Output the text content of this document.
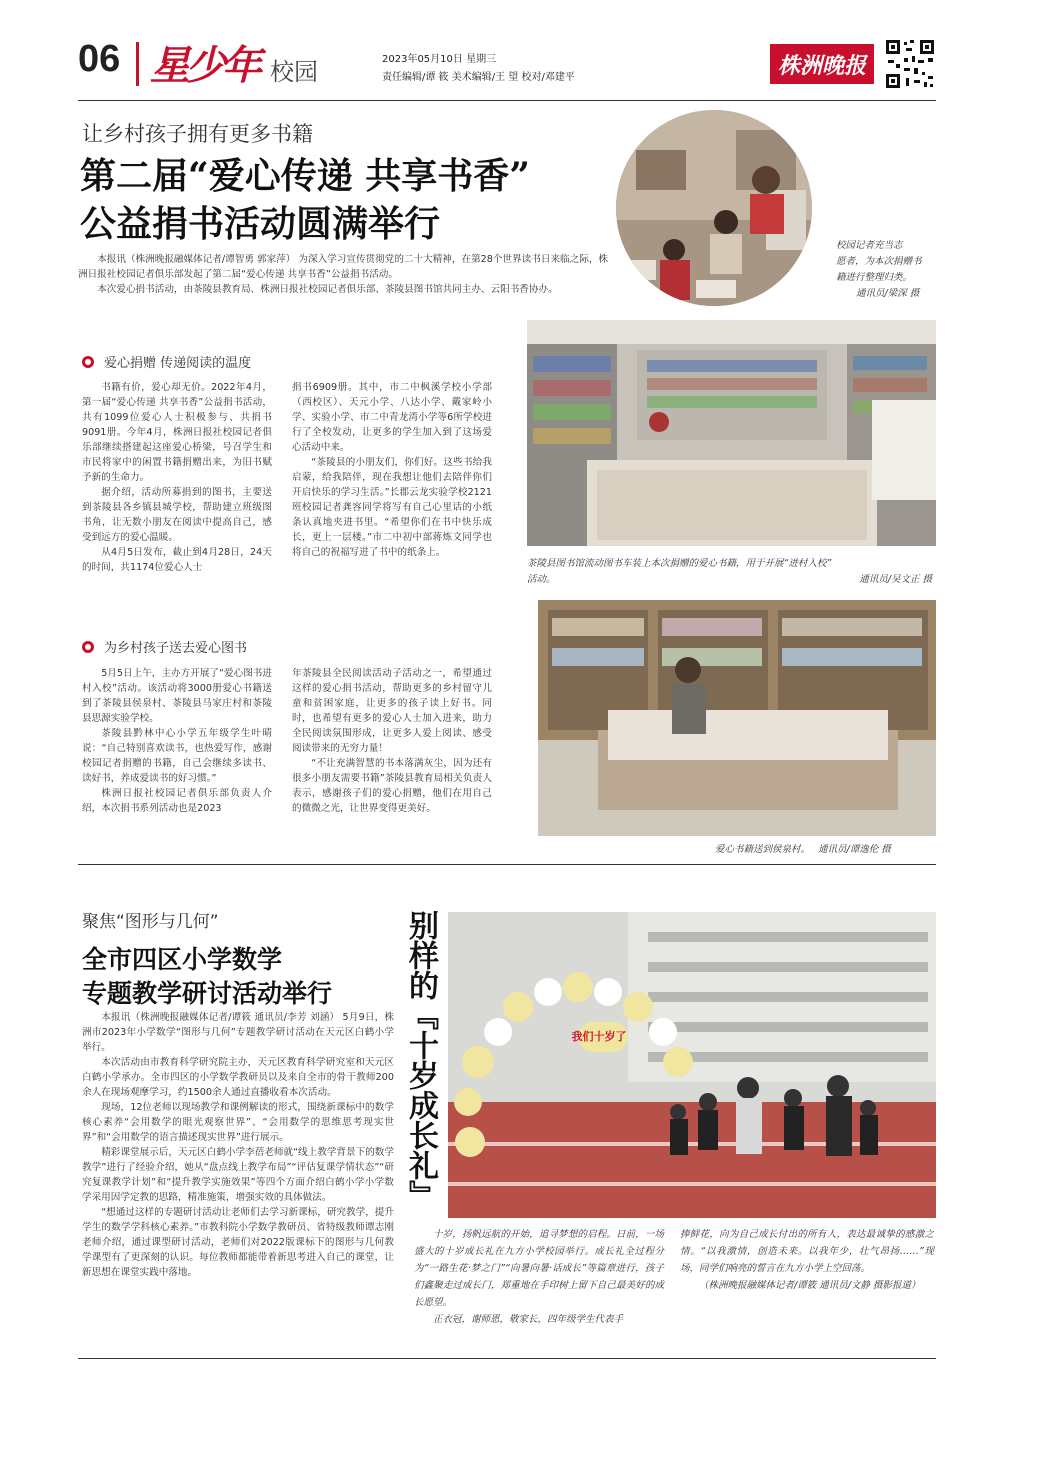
06 星少年 校园	2023年05月10日 星期三
责任编辑/谭 筱 美术编辑/王 望 校对/邓建平	株洲晚报
让乡村孩子拥有更多书籍
第二届“爱心传递 共享书香”
公益捐书活动圆满举行

本报讯（株洲晚报融媒体记者/谭智勇 郭家萍） 为深入学习宣传贯彻党的二十大精神，在第28个世界读书日来临之际，株洲日报社校园记者俱乐部发起了第二届“爱心传递 共享书香”公益捐书活动。

本次爱心捐书活动，由茶陵县教育局、株洲日报社校园记者俱乐部、茶陵县图书馆共同主办、云阳书香协办。

校园记者充当志
愿者，为本次捐赠书
籍进行整理归类。
通讯员/梁深 摄
爱心捐赠 传递阅读的温度

书籍有价，爱心却无价。2022年4月，第一届“爱心传递 共享书香”公益捐书活动，共有1099位爱心人士积极参与、共捐书9091册。今年4月，株洲日报社校园记者俱乐部继续搭建起这座爱心桥梁，号召学生和市民将家中的闲置书籍捐赠出来，为旧书赋予新的生命力。

据介绍，活动所募捐到的图书，主要送到茶陵县各乡镇县城学校，帮助建立班级图书角，让无数小朋友在阅读中提高自己，感受到远方的爱心温暖。

从4月5日发布，截止到4月28日，24天的时间，共1174位爱心人士

捐书6909册。其中，市二中枫溪学校小学部（西校区）、天元小学、八达小学、戴家岭小学、实验小学、市二中青龙湾小学等6所学校进行了全校发动，让更多的学生加入到了这场爱心活动中来。

“茶陵县的小朋友们，你们好。这些书给我启蒙，给我陪伴，现在我想让他们去陪伴你们开启快乐的学习生活。”长郡云龙实验学校2121班校园记者龚容同学将写有自己心里话的小纸条认真地夹进书里。“希望你们在书中快乐成长，更上一层楼。”市二中初中部蒋炼文同学也将自己的祝福写进了书中的纸条上。

茶陵县图书馆流动图书车装上本次捐赠的爱心书籍，用于开展“进村入校”
活动。	通讯员/吴文正 摄
为乡村孩子送去爱心图书

5月5日上午，主办方开展了“爱心图书进村入校”活动。该活动将3000册爱心书籍送到了茶陵县侯泉村、茶陵县马家庄村和茶陵县思源实验学校。

茶陵县黔林中心小学五年级学生叶晴说：“自己特别喜欢读书，也热爱写作，感谢校园记者捐赠的书籍，自己会继续多读书、读好书，养成爱读书的好习惯。”

株洲日报社校园记者俱乐部负责人介绍，本次捐书系列活动也是2023

年茶陵县全民阅读活动子活动之一，希望通过这样的爱心捐书活动，帮助更多的乡村留守儿童和贫困家庭，让更多的孩子读上好书。同时，也希望有更多的爱心人士加入进来，助力全民阅读氛围形成，让更多人爱上阅读、感受阅读带来的无穷力量！

“不让充满智慧的书本落满灰尘，因为还有很多小朋友需要书籍”茶陵县教育局相关负责人表示，感谢孩子们的爱心捐赠，他们在用自己的微微之光，让世界变得更美好。

爱心书籍送到侯泉村。 通讯员/谭逸伦 摄
聚焦“图形与几何”
全市四区小学数学
专题教学研讨活动举行

本报讯（株洲晚报融媒体记者/谭筱 通讯员/李芳 刘涵） 5月9日，株洲市2023年小学数学“图形与几何”专题教学研讨活动在天元区白鹤小学举行。

本次活动由市教育科学研究院主办，天元区教育科学研究室和天元区白鹤小学承办。全市四区的小学数学教研员以及来自全市的骨干教师200余人在现场观摩学习，约1500余人通过直播收看本次活动。

现场，12位老师以现场教学和课例解读的形式，围绕新课标中的数学核心素养“会用数学的眼光观察世界”、“会用数学的思维思考现实世界”和“会用数学的语言描述现实世界”进行展示。

精彩课堂展示后，天元区白鹤小学李蓓老师就“线上教学背景下的数学教学”进行了经验介绍，她从“盘点线上教学布局”“评估复课学情状态”“研究复课教学计划”和“提升教学实施效果”等四个方面介绍白鹤小学小学数学采用因学定教的思路，精准施策，增强实效的具体做法。

“想通过这样的专题研讨活动让老师们去学习新课标，研究教学，提升学生的数学学科核心素养。”市教科院小学数学教研员、省特级教师谭志刚老师介绍，通过课型研讨活动，老师们对2022版课标下的图形与几何教学课型有了更深刻的认识。每位教师都能带着新思考进入自己的课堂，让新思想在课堂实践中落地。

别样的『十岁成长礼』	我们十岁了

十岁，扬帆远航的开始，追寻梦想的启程。日前，一场盛大的十岁成长礼在九方小学校园举行。成长礼全过程分为“一路生花·梦之门”“向暑向暑·话成长”等篇章进行，孩子们鑫聚走过成长门，郑重地在手印树上留下自己最美好的成长愿望。

正衣冠，谢师恩，敬家长，四年级学生代表手

捧鲜花，向为自己成长付出的所有人，表达最诚挚的感激之情。“以我激情，创造未来。以我年少，壮气昂扬……”现场，同学们响亮的誓言在九方小学上空回荡。

（株洲晚报融媒体记者/谭筱 通讯员/文静 摄影报道）
